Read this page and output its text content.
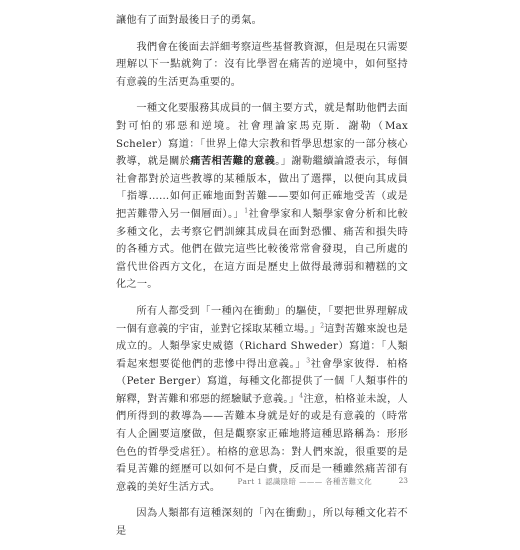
讓他有了面對最後日子的勇氣。

我們會在後面去詳細考察這些基督教資源，但是現在只需要理解以下一點就夠了：沒有比學習在痛苦的逆境中，如何堅持有意義的生活更為重要的。

一種文化要服務其成員的一個主要方式，就是幫助他們去面對可怕的邪惡和逆境。社會理論家馬克斯．謝勒（Max Scheler）寫道：「世界上偉大宗教和哲學思想家的一部分核心教導，就是關於痛苦相苦難的意義。」謝勒繼續論證表示，每個社會都對於這些教導的某種版本，做出了選擇，以便向其成員「指導……如何正確地面對苦難——要如何正確地受苦（或是把苦難帶入另一個層面）。」$^1$社會學家和人類學家會分析和比較多種文化，去考察它們訓練其成員在面對恐懼、痛苦和損失時的各種方式。他們在做完這些比較後常常會發現，自己所處的當代世俗西方文化，在這方面是歷史上做得最薄弱和糟糕的文化之一。

所有人都受到「一種內在衝動」的驅使，「要把世界理解成一個有意義的宇宙，並對它採取某種立場。」$^2$這對苦難來說也是成立的。人類學家史威德（Richard Shweder）寫道：「人類看起來想要從他們的悲慘中得出意義。」$^3$社會學家彼得．柏格（Peter Berger）寫道，每種文化都提供了一個「人類事件的解釋，對苦難和邪惡的經驗賦予意義。」$^4$注意，柏格並未說，人們所得到的救導為——苦難本身就是好的或是有意義的（時常有人企圖要這麼做，但是觀察家正確地將這種思路稱為：形形色色的哲學受虐狂）。柏格的意思為：對人們來說，很重要的是看見苦難的經歷可以如何不是白費，反而是一種雖然痛苦卻有意義的美好生活方式。

因為人類都有這種深刻的「內在衝動」，所以每種文化若不是

Part 1 認識陰暗 ——— 各種苦難文化	23
